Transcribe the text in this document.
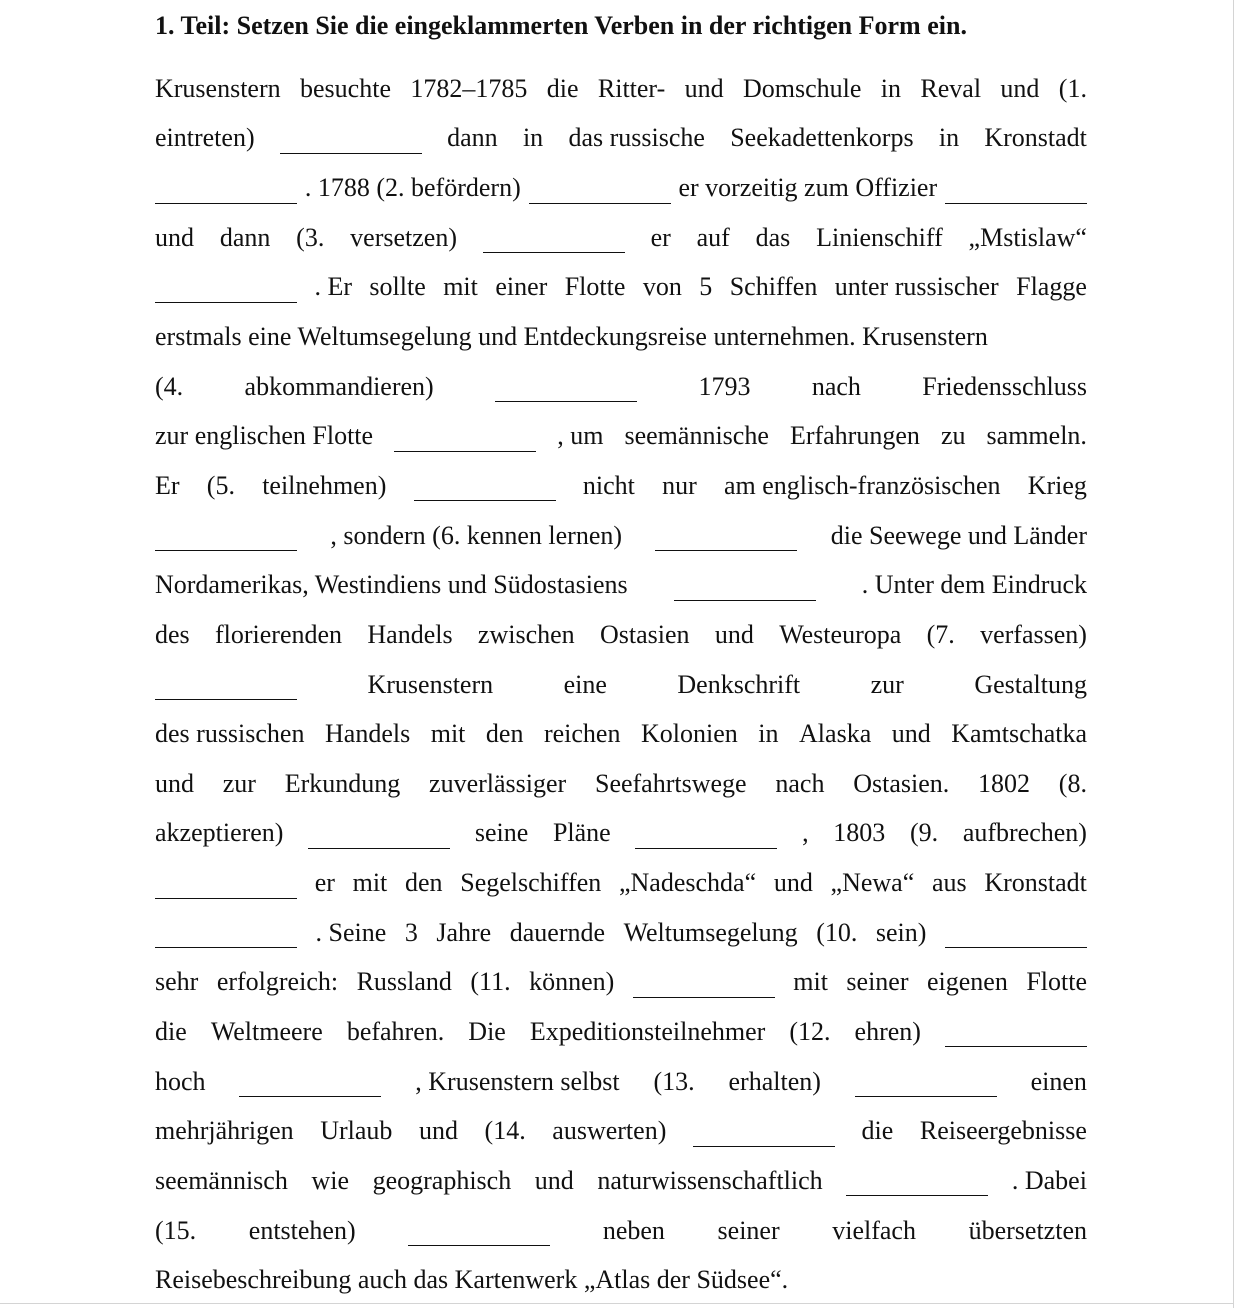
1. Teil: Setzen Sie die eingeklammerten Verben in der richtigen Form ein.
Krusenstern besuchte 1782–1785 die Ritter- und Domschule in Reval und (1.
eintreten)	dann in das russische Seekadettenkorps in Kronstadt
. 1788 (2. befördern)	er vorzeitig zum Offizier
und dann (3. versetzen)	er auf das Linienschiff „Mstislaw“
. Er sollte mit einer Flotte von 5 Schiffen unter russischer Flagge
erstmals eine Weltumsegelung und Entdeckungsreise unternehmen. Krusenstern
(4. abkommandieren)	1793 nach Friedensschluss
zur englischen Flotte	, um seemännische Erfahrungen zu sammeln.
Er (5. teilnehmen)	nicht nur am englisch-französischen Krieg
, sondern (6. kennen lernen)	die Seewege und Länder
Nordamerikas, Westindiens und Südostasiens	. Unter dem Eindruck
des florierenden Handels zwischen Ostasien und Westeuropa (7. verfassen)
Krusenstern	eine	Denkschrift	zur	Gestaltung
des russischen Handels mit den reichen Kolonien in Alaska und Kamtschatka
und zur Erkundung zuverlässiger Seefahrtswege nach Ostasien. 1802 (8.
akzeptieren)	seine Pläne	, 1803 (9. aufbrechen)
er mit den Segelschiffen „Nadeschda“ und „Newa“ aus Kronstadt
. Seine 3 Jahre dauernde Weltumsegelung (10. sein)
sehr erfolgreich: Russland (11. können)	mit seiner eigenen Flotte
die Weltmeere befahren. Die Expeditionsteilnehmer (12. ehren)
hoch	, Krusenstern selbst (13. erhalten)	einen
mehrjährigen Urlaub und (14. auswerten)	die Reiseergebnisse
seemännisch wie geographisch und naturwissenschaftlich	. Dabei
(15. entstehen)	neben seiner vielfach übersetzten
Reisebeschreibung auch das Kartenwerk „Atlas der Südsee“.
